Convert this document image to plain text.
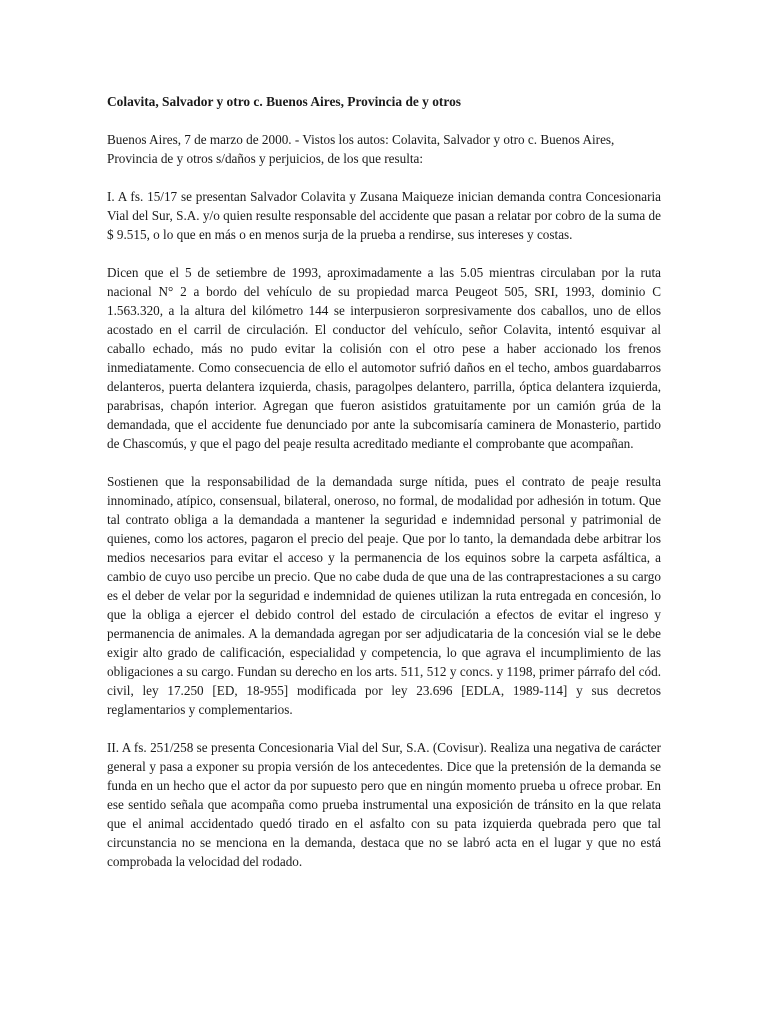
Colavita, Salvador y otro c. Buenos Aires, Provincia de y otros

Buenos Aires, 7 de marzo de 2000. - Vistos los autos: Colavita, Salvador y otro c. Buenos Aires, Provincia de y otros s/daños y perjuicios, de los que resulta:

I. A fs. 15/17 se presentan Salvador Colavita y Zusana Maiqueze inician demanda contra Concesionaria Vial del Sur, S.A. y/o quien resulte responsable del accidente que pasan a relatar por cobro de la suma de $ 9.515, o lo que en más o en menos surja de la prueba a rendirse, sus intereses y costas.

Dicen que el 5 de setiembre de 1993, aproximadamente a las 5.05 mientras circulaban por la ruta nacional N° 2 a bordo del vehículo de su propiedad marca Peugeot 505, SRI, 1993, dominio C 1.563.320, a la altura del kilómetro 144 se interpusieron sorpresivamente dos caballos, uno de ellos acostado en el carril de circulación. El conductor del vehículo, señor Colavita, intentó esquivar al caballo echado, más no pudo evitar la colisión con el otro pese a haber accionado los frenos inmediatamente. Como consecuencia de ello el automotor sufrió daños en el techo, ambos guardabarros delanteros, puerta delantera izquierda, chasis, paragolpes delantero, parrilla, óptica delantera izquierda, parabrisas, chapón interior. Agregan que fueron asistidos gratuitamente por un camión grúa de la demandada, que el accidente fue denunciado por ante la subcomisaría caminera de Monasterio, partido de Chascomús, y que el pago del peaje resulta acreditado mediante el comprobante que acompañan.

Sostienen que la responsabilidad de la demandada surge nítida, pues el contrato de peaje resulta innominado, atípico, consensual, bilateral, oneroso, no formal, de modalidad por adhesión in totum. Que tal contrato obliga a la demandada a mantener la seguridad e indemnidad personal y patrimonial de quienes, como los actores, pagaron el precio del peaje. Que por lo tanto, la demandada debe arbitrar los medios necesarios para evitar el acceso y la permanencia de los equinos sobre la carpeta asfáltica, a cambio de cuyo uso percibe un precio. Que no cabe duda de que una de las contraprestaciones a su cargo es el deber de velar por la seguridad e indemnidad de quienes utilizan la ruta entregada en concesión, lo que la obliga a ejercer el debido control del estado de circulación a efectos de evitar el ingreso y permanencia de animales. A la demandada agregan por ser adjudicataria de la concesión vial se le debe exigir alto grado de calificación, especialidad y competencia, lo que agrava el incumplimiento de las obligaciones a su cargo. Fundan su derecho en los arts. 511, 512 y concs. y 1198, primer párrafo del cód. civil, ley 17.250 [ED, 18-955] modificada por ley 23.696 [EDLA, 1989-114] y sus decretos reglamentarios y complementarios.

II. A fs. 251/258 se presenta Concesionaria Vial del Sur, S.A. (Covisur). Realiza una negativa de carácter general y pasa a exponer su propia versión de los antecedentes. Dice que la pretensión de la demanda se funda en un hecho que el actor da por supuesto pero que en ningún momento prueba u ofrece probar. En ese sentido señala que acompaña como prueba instrumental una exposición de tránsito en la que relata que el animal accidentado quedó tirado en el asfalto con su pata izquierda quebrada pero que tal circunstancia no se menciona en la demanda, destaca que no se labró acta en el lugar y que no está comprobada la velocidad del rodado.
